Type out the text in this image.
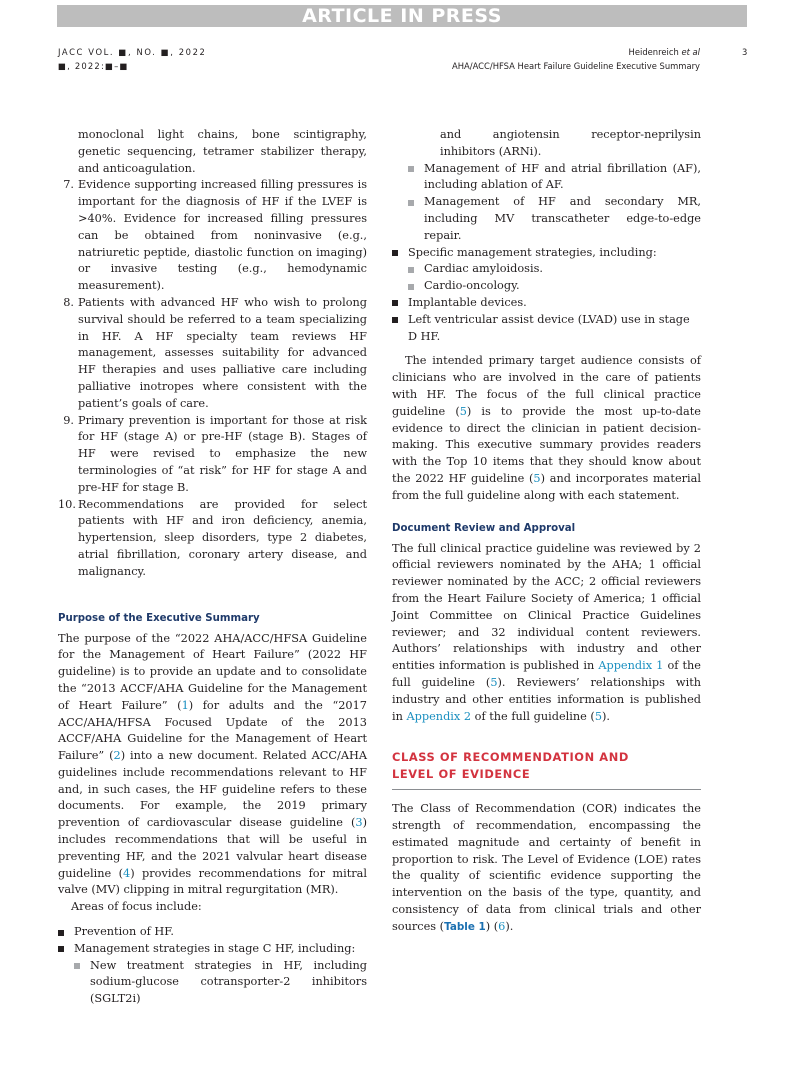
ARTICLE IN PRESS
JACC VOL. ■, NO. ■, 2022
■, 2022:■–■
Heidenreich et al
AHA/ACC/HFSA Heart Failure Guideline Executive Summary
3
monoclonal light chains, bone scintigraphy, genetic sequencing, tetramer stabilizer therapy, and anticoagulation.
7. Evidence supporting increased filling pressures is important for the diagnosis of HF if the LVEF is >40%. Evidence for increased filling pressures can be obtained from noninvasive (e.g., natriuretic peptide, diastolic function on imaging) or invasive testing (e.g., hemodynamic measurement).
8. Patients with advanced HF who wish to prolong survival should be referred to a team specializing in HF. A HF specialty team reviews HF management, assesses suitability for advanced HF therapies and uses palliative care including palliative inotropes where consistent with the patient’s goals of care.
9. Primary prevention is important for those at risk for HF (stage A) or pre-HF (stage B). Stages of HF were revised to emphasize the new terminologies of “at risk” for HF for stage A and pre-HF for stage B.
10. Recommendations are provided for select patients with HF and iron deficiency, anemia, hypertension, sleep disorders, type 2 diabetes, atrial fibrillation, coronary artery disease, and malignancy.
Purpose of the Executive Summary
The purpose of the “2022 AHA/ACC/HFSA Guideline for the Management of Heart Failure” (2022 HF guideline) is to provide an update and to consolidate the “2013 ACCF/AHA Guideline for the Management of Heart Failure” (1) for adults and the “2017 ACC/AHA/HFSA Focused Update of the 2013 ACCF/AHA Guideline for the Management of Heart Failure” (2) into a new document. Related ACC/AHA guidelines include recommendations relevant to HF and, in such cases, the HF guideline refers to these documents. For example, the 2019 primary prevention of cardiovascular disease guideline (3) includes recommendations that will be useful in preventing HF, and the 2021 valvular heart disease guideline (4) provides recommendations for mitral valve (MV) clipping in mitral regurgitation (MR).
Areas of focus include:
Prevention of HF.
Management strategies in stage C HF, including:
New treatment strategies in HF, including sodium-glucose cotransporter-2 inhibitors (SGLT2i)
and angiotensin receptor-neprilysin inhibitors (ARNi).
Management of HF and atrial fibrillation (AF), including ablation of AF.
Management of HF and secondary MR, including MV transcatheter edge-to-edge repair.
Specific management strategies, including:
Cardiac amyloidosis.
Cardio-oncology.
Implantable devices.
Left ventricular assist device (LVAD) use in stage D HF.
The intended primary target audience consists of clinicians who are involved in the care of patients with HF. The focus of the full clinical practice guideline (5) is to provide the most up-to-date evidence to direct the clinician in patient decision-making. This executive summary provides readers with the Top 10 items that they should know about the 2022 HF guideline (5) and incorporates material from the full guideline along with each statement.
Document Review and Approval
The full clinical practice guideline was reviewed by 2 official reviewers nominated by the AHA; 1 official reviewer nominated by the ACC; 2 official reviewers from the Heart Failure Society of America; 1 official Joint Committee on Clinical Practice Guidelines reviewer; and 32 individual content reviewers. Authors’ relationships with industry and other entities information is published in Appendix 1 of the full guideline (5). Reviewers’ relationships with industry and other entities information is published in Appendix 2 of the full guideline (5).
CLASS OF RECOMMENDATION AND
LEVEL OF EVIDENCE
The Class of Recommendation (COR) indicates the strength of recommendation, encompassing the estimated magnitude and certainty of benefit in proportion to risk. The Level of Evidence (LOE) rates the quality of scientific evidence supporting the intervention on the basis of the type, quantity, and consistency of data from clinical trials and other sources (Table 1) (6).
